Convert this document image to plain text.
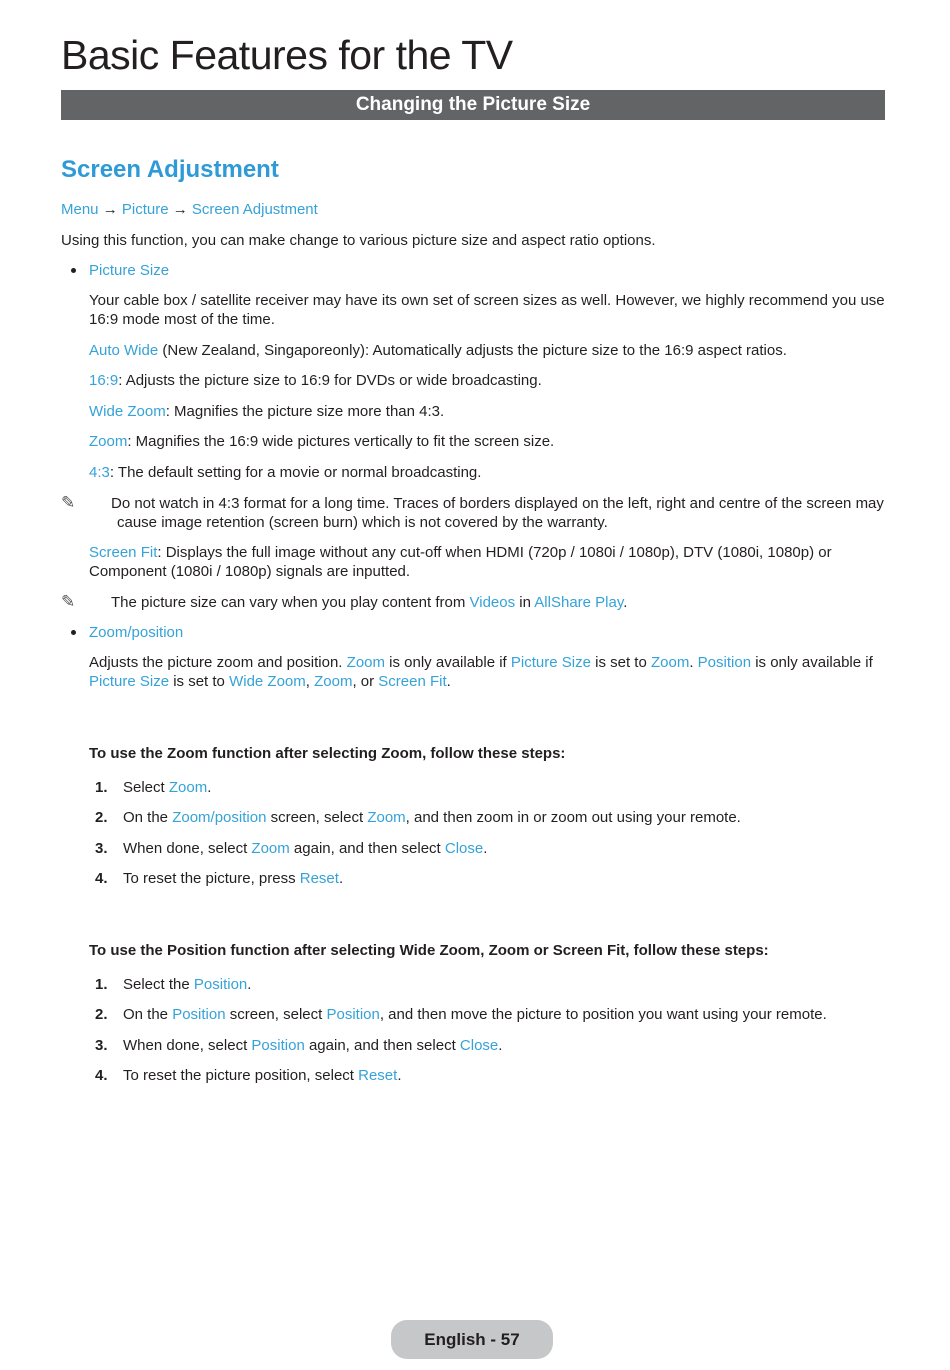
Basic Features for the TV
Changing the Picture Size
Screen Adjustment

Menu → Picture → Screen Adjustment

Using this function, you can make change to various picture size and aspect ratio options.

Picture Size

Your cable box / satellite receiver may have its own set of screen sizes as well. However, we highly recommend you use 16:9 mode most of the time.

Auto Wide (New Zealand, Singaporeonly): Automatically adjusts the picture size to the 16:9 aspect ratios.

16:9: Adjusts the picture size to 16:9 for DVDs or wide broadcasting.

Wide Zoom: Magnifies the picture size more than 4:3.

Zoom: Magnifies the 16:9 wide pictures vertically to fit the screen size.

4:3: The default setting for a movie or normal broadcasting.

✎ Do not watch in 4:3 format for a long time. Traces of borders displayed on the left, right and centre of the screen may cause image retention (screen burn) which is not covered by the warranty.

Screen Fit: Displays the full image without any cut-off when HDMI (720p / 1080i / 1080p), DTV (1080i, 1080p) or Component (1080i / 1080p) signals are inputted.

✎ The picture size can vary when you play content from Videos in AllShare Play.

Zoom/position

Adjusts the picture zoom and position. Zoom is only available if Picture Size is set to Zoom. Position is only available if Picture Size is set to Wide Zoom, Zoom, or Screen Fit.

To use the Zoom function after selecting Zoom, follow these steps:

1. Select Zoom.

2. On the Zoom/position screen, select Zoom, and then zoom in or zoom out using your remote.

3. When done, select Zoom again, and then select Close.

4. To reset the picture, press Reset.

To use the Position function after selecting Wide Zoom, Zoom or Screen Fit, follow these steps:

1. Select the Position.

2. On the Position screen, select Position, and then move the picture to position you want using your remote.

3. When done, select Position again, and then select Close.

4. To reset the picture position, select Reset.

English - 57
